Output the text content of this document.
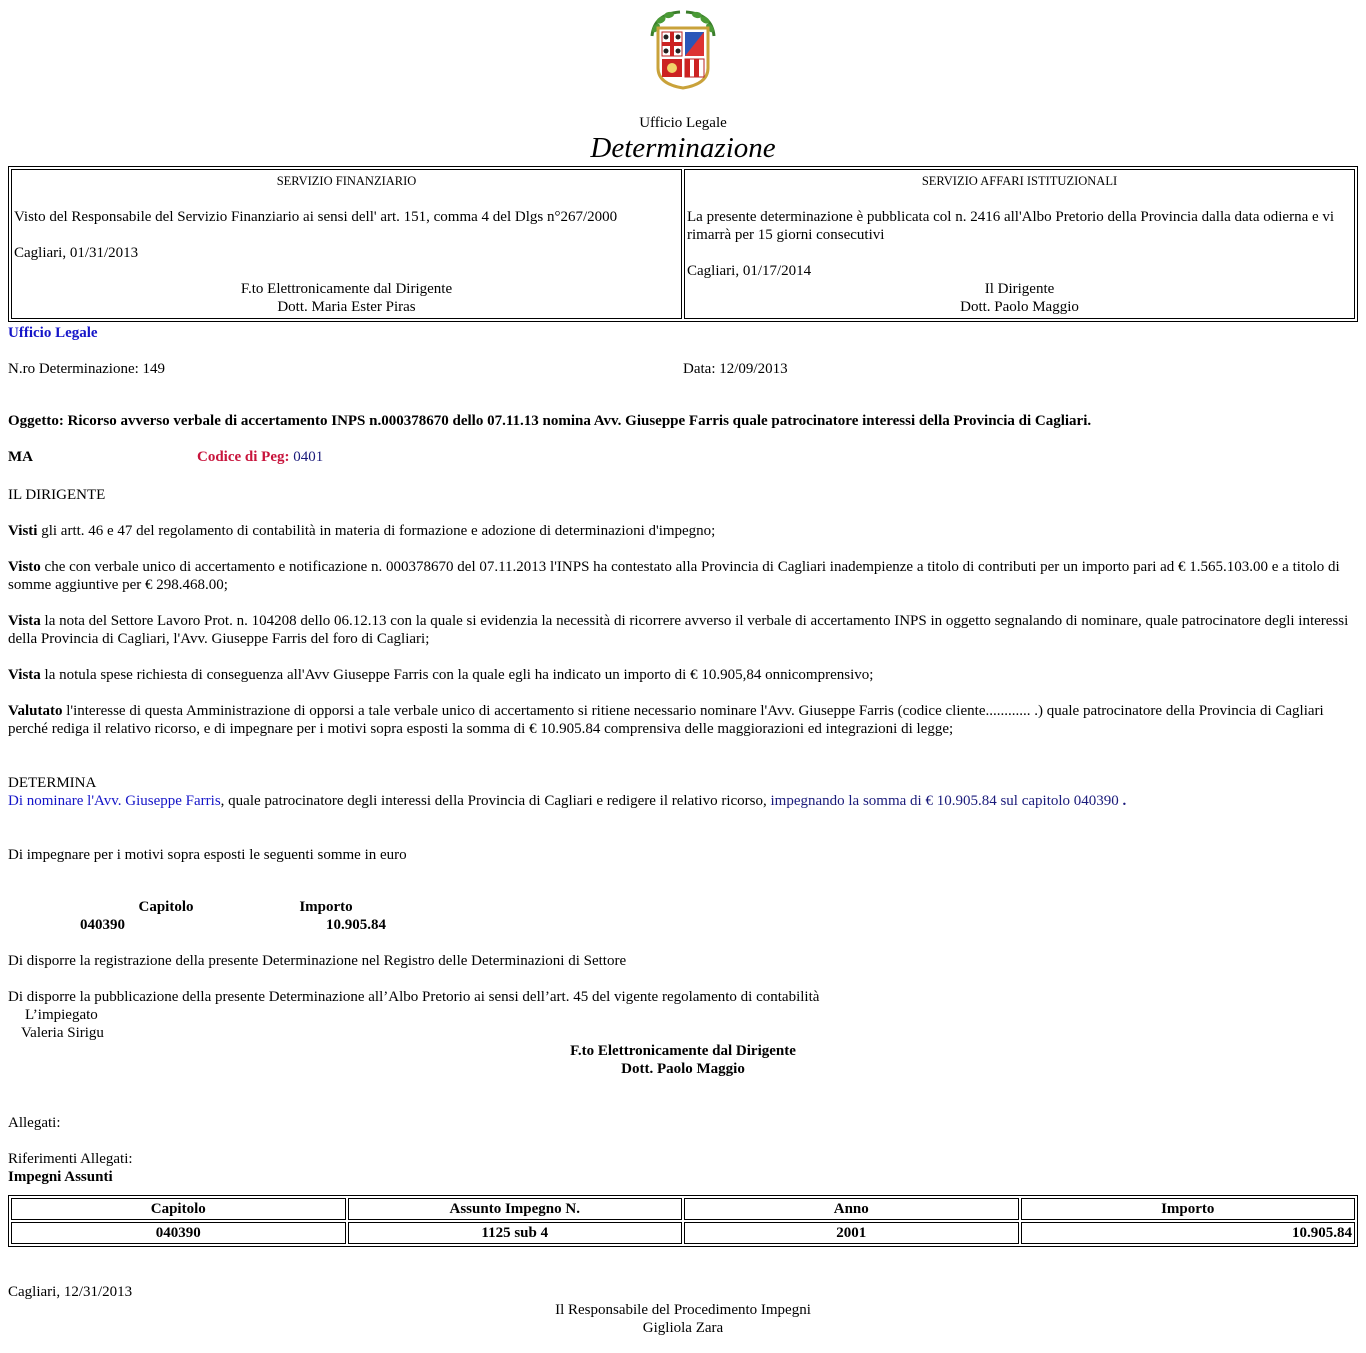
Ufficio Legale

Determinazione

SERVIZIO FINANZIARIO

Visto del Responsabile del Servizio Finanziario ai sensi dell' art. 151, comma 4 del Dlgs n°267/2000

Cagliari, 01/31/2013

F.to Elettronicamente dal Dirigente

Dott. Maria Ester Piras

SERVIZIO AFFARI ISTITUZIONALI

La presente determinazione è pubblicata col n. 2416 all'Albo Pretorio della Provincia dalla data odierna e vi rimarrà per 15 giorni consecutivi

Cagliari, 01/17/2014

Il Dirigente

Dott. Paolo Maggio

Ufficio Legale

N.ro Determinazione: 149	Data: 12/09/2013

Oggetto: Ricorso avverso verbale di accertamento INPS n.000378670 dello 07.11.13 nomina Avv. Giuseppe Farris quale patrocinatore interessi della Provincia di Cagliari.

MA	Codice di Peg: 0401

IL DIRIGENTE

Visti gli artt. 46 e 47 del regolamento di contabilità in materia di formazione e adozione di determinazioni d'impegno;

Visto che con verbale unico di accertamento e notificazione n. 000378670 del 07.11.2013 l'INPS ha contestato alla Provincia di Cagliari inadempienze a titolo di contributi per un importo pari ad € 1.565.103.00 e a titolo di somme aggiuntive per € 298.468.00;

Vista la nota del Settore Lavoro Prot. n. 104208 dello 06.12.13 con la quale si evidenzia la necessità di ricorrere avverso il verbale di accertamento INPS in oggetto segnalando di nominare, quale patrocinatore degli interessi della Provincia di Cagliari, l'Avv. Giuseppe Farris del foro di Cagliari;

Vista la notula spese richiesta di conseguenza all'Avv Giuseppe Farris con la quale egli ha indicato un importo di € 10.905,84 onnicomprensivo;

Valutato l'interesse di questa Amministrazione di opporsi a tale verbale unico di accertamento si ritiene necessario nominare l'Avv. Giuseppe Farris (codice cliente............ .) quale patrocinatore della Provincia di Cagliari perché rediga il relativo ricorso, e di impegnare per i motivi sopra esposti la somma di € 10.905.84 comprensiva delle maggiorazioni ed integrazioni di legge;

DETERMINA

Di nominare l'Avv. Giuseppe Farris, quale patrocinatore degli interessi della Provincia di Cagliari e redigere il relativo ricorso, impegnando la somma di € 10.905.84 sul capitolo 040390 .

Di impegnare per i motivi sopra esposti le seguenti somme in euro

Capitolo	Importo
040390	10.905.84

Di disporre la registrazione della presente Determinazione nel Registro delle Determinazioni di Settore

Di disporre la pubblicazione della presente Determinazione all’Albo Pretorio ai sensi dell’art. 45 del vigente regolamento di contabilità

L’impiegato

Valeria Sirigu

F.to Elettronicamente dal Dirigente

Dott. Paolo Maggio

Allegati:

Riferimenti Allegati:

Impegni Assunti

Capitolo	Assunto Impegno N.	Anno	Importo
040390	1125 sub 4	2001	10.905.84

Cagliari, 12/31/2013

Il Responsabile del Procedimento Impegni

Gigliola Zara
